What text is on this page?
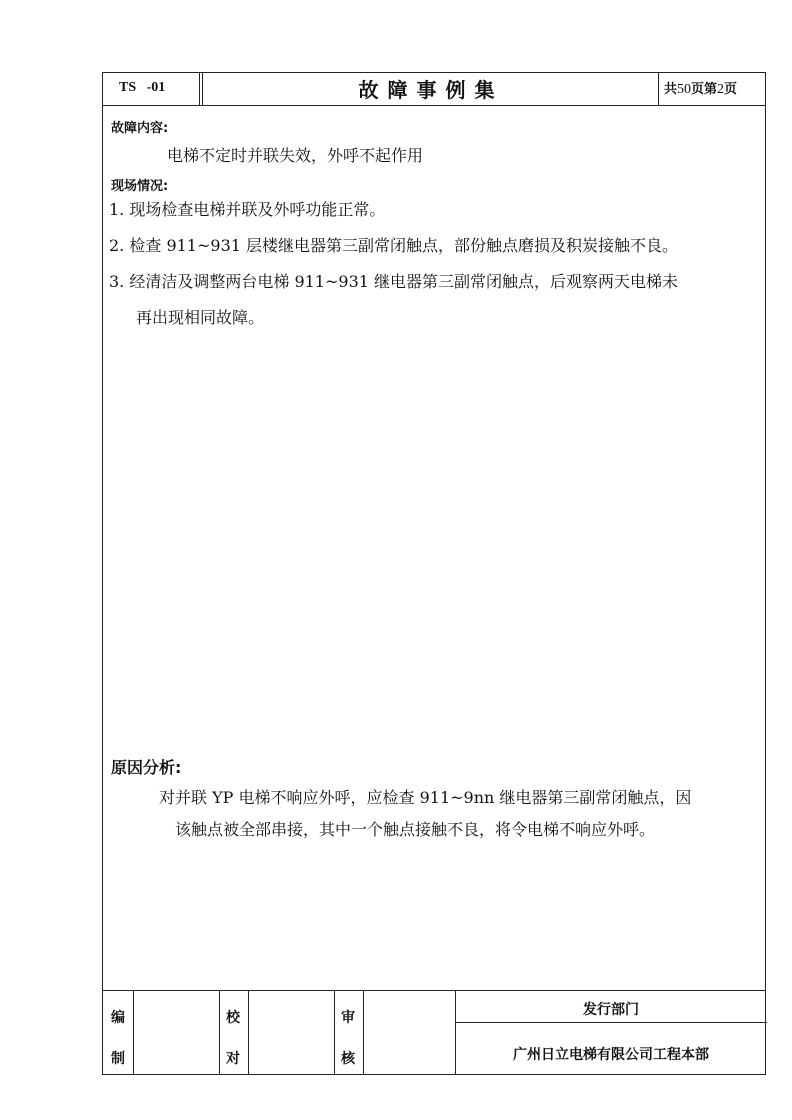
TS   -01	故障事例集	共50页第2页
故障内容:
电梯不定时并联失效，外呼不起作用
现场情况:
1. 现场检查电梯并联及外呼功能正常。
2. 检查 911~931 层楼继电器第三副常闭触点，部份触点磨损及积炭接触不良。
3. 经清洁及调整两台电梯 911~931 继电器第三副常闭触点，后观察两天电梯未
再出现相同故障。
原因分析:
对并联 YP 电梯不响应外呼，应检查 911~9nn 继电器第三副常闭触点，因
该触点被全部串接，其中一个触点接触不良，将令电梯不响应外呼。
编
制
校
对
审
核
发行部门
广州日立电梯有限公司工程本部
